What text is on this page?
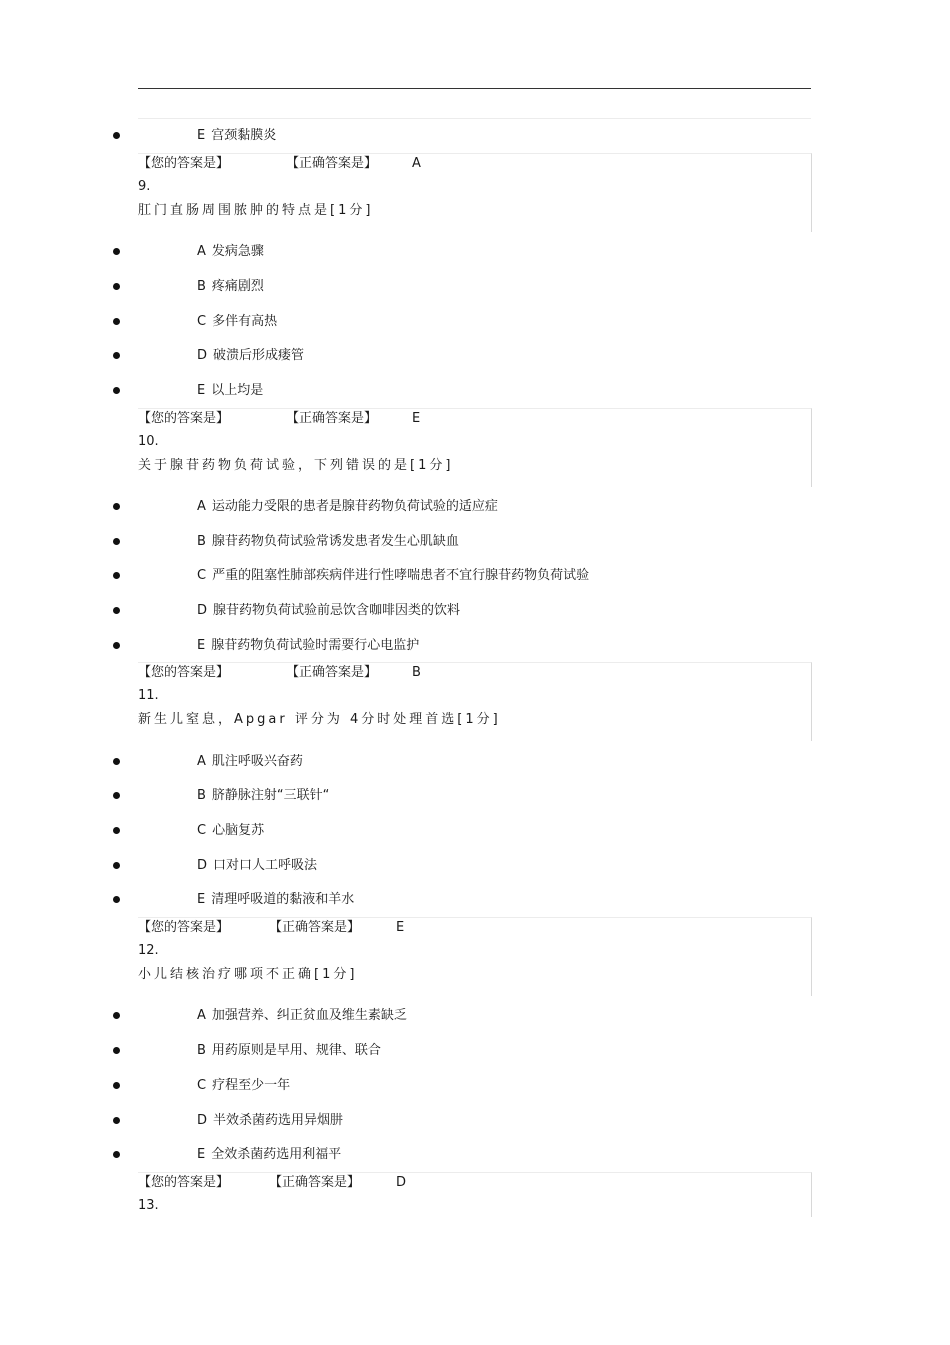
E 宫颈黏膜炎
【您的答案是】	【正确答案是】	A
9.
肛门直肠周围脓肿的特点是[1分]
A 发病急骤
B 疼痛剧烈
C 多伴有高热
D 破溃后形成瘘管
E 以上均是
【您的答案是】	【正确答案是】	E
10.
关于腺苷药物负荷试验，下列错误的是[1分]
A 运动能力受限的患者是腺苷药物负荷试验的适应症
B 腺苷药物负荷试验常诱发患者发生心肌缺血
C 严重的阻塞性肺部疾病伴进行性哮喘患者不宜行腺苷药物负荷试验
D 腺苷药物负荷试验前忌饮含咖啡因类的饮料
E 腺苷药物负荷试验时需要行心电监护
【您的答案是】	【正确答案是】	B
11.
新生儿窒息，Apgar 评分为 4分时处理首选[1分]
A 肌注呼吸兴奋药
B 脐静脉注射“三联针“
C 心脑复苏
D 口对口人工呼吸法
E 清理呼吸道的黏液和羊水
【您的答案是】	【正确答案是】	E
12.
小儿结核治疗哪项不正确[1分]
A 加强营养、纠正贫血及维生素缺乏
B 用药原则是早用、规律、联合
C 疗程至少一年
D 半效杀菌药选用异烟肼
E 全效杀菌药选用利福平
【您的答案是】	【正确答案是】	D
13.
